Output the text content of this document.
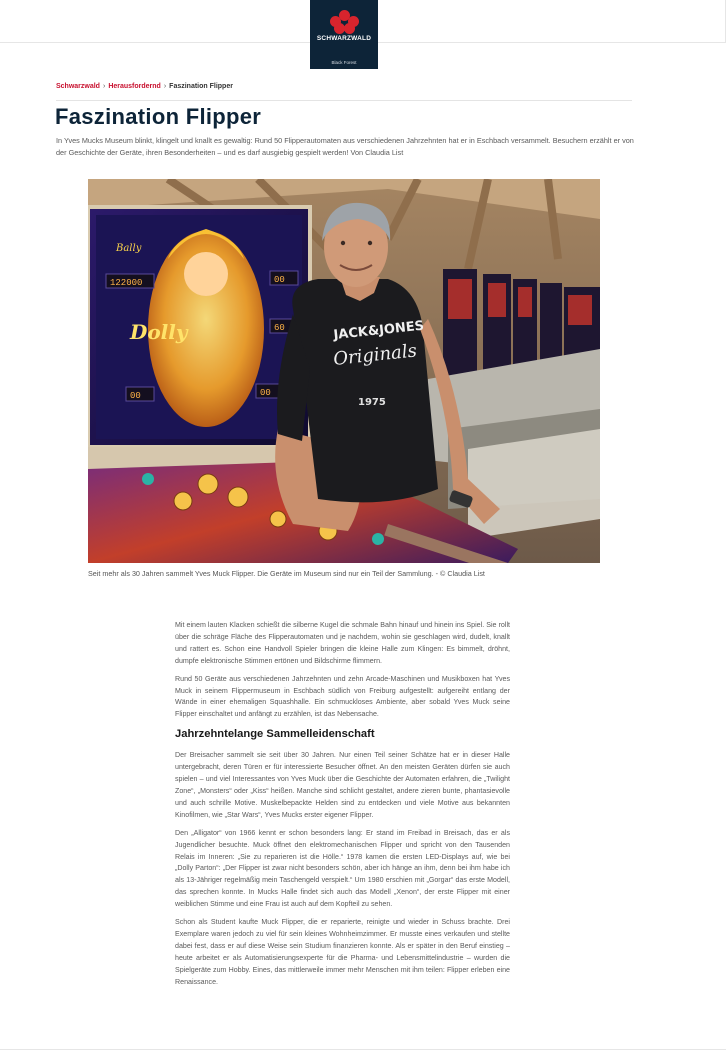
SCHWARZWALD
Black Forest
Schwarzwald › Herausfordernd › Faszination Flipper
Faszination Flipper

In Yves Mucks Museum blinkt, klingelt und knallt es gewaltig: Rund 50 Flipperautomaten aus verschiedenen Jahrzehnten hat er in Eschbach versammelt. Besuchern erzählt er von der Geschichte der Geräte, ihren Besonderheiten – und es darf ausgiebig gespielt werden! Von Claudia List

122000	00
60
00	00
Bally
Dolly	JACK&JONES
Originals
1975
Seit mehr als 30 Jahren sammelt Yves Muck Flipper. Die Geräte im Museum sind nur ein Teil der Sammlung. - © Claudia List

Mit einem lauten Klacken schießt die silberne Kugel die schmale Bahn hinauf und hinein ins Spiel. Sie rollt über die schräge Fläche des Flipperautomaten und je nachdem, wohin sie geschlagen wird, dudelt, knallt und rattert es. Schon eine Handvoll Spieler bringen die kleine Halle zum Klingen: Es bimmelt, dröhnt, dumpfe elektronische Stimmen ertönen und Bildschirme flimmern.

Rund 50 Geräte aus verschiedenen Jahrzehnten und zehn Arcade-Maschinen und Musikboxen hat Yves Muck in seinem Flippermuseum in Eschbach südlich von Freiburg aufgestellt: aufgereiht entlang der Wände in einer ehemaligen Squashhalle. Ein schmuckloses Ambiente, aber sobald Yves Muck seine Flipper einschaltet und anfängt zu erzählen, ist das Nebensache.

Jahrzehntelange Sammelleidenschaft

Der Breisacher sammelt sie seit über 30 Jahren. Nur einen Teil seiner Schätze hat er in dieser Halle untergebracht, deren Türen er für interessierte Besucher öffnet. An den meisten Geräten dürfen sie auch spielen – und viel Interessantes von Yves Muck über die Geschichte der Automaten erfahren, die „Twilight Zone“, „Monsters“ oder „Kiss“ heißen. Manche sind schlicht gestaltet, andere zieren bunte, phantasievolle und auch schrille Motive. Muskelbepackte Helden sind zu entdecken und viele Motive aus bekannten Kinofilmen, wie „Star Wars“, Yves Mucks erster eigener Flipper.

Den „Alligator“ von 1966 kennt er schon besonders lang: Er stand im Freibad in Breisach, das er als Jugendlicher besuchte. Muck öffnet den elektromechanischen Flipper und spricht von den Tausenden Relais im Inneren: „Sie zu reparieren ist die Hölle.“ 1978 kamen die ersten LED-Displays auf, wie bei „Dolly Parton“: „Der Flipper ist zwar nicht besonders schön, aber ich hänge an ihm, denn bei ihm habe ich als 13-Jähriger regelmäßig mein Taschengeld verspielt.“ Um 1980 erschien mit „Gorgar“ das erste Modell, das sprechen konnte. In Mucks Halle findet sich auch das Modell „Xenon“, der erste Flipper mit einer weiblichen Stimme und eine Frau ist auch auf dem Kopfteil zu sehen.

Schon als Student kaufte Muck Flipper, die er reparierte, reinigte und wieder in Schuss brachte. Drei Exemplare waren jedoch zu viel für sein kleines Wohnheimzimmer. Er musste eines verkaufen und stellte dabei fest, dass er auf diese Weise sein Studium finanzieren konnte. Als er später in den Beruf einstieg – heute arbeitet er als Automatisierungsexperte für die Pharma- und Lebensmittelindustrie – wurden die Spielgeräte zum Hobby. Eines, das mittlerweile immer mehr Menschen mit ihm teilen: Flipper erleben eine Renaissance.
